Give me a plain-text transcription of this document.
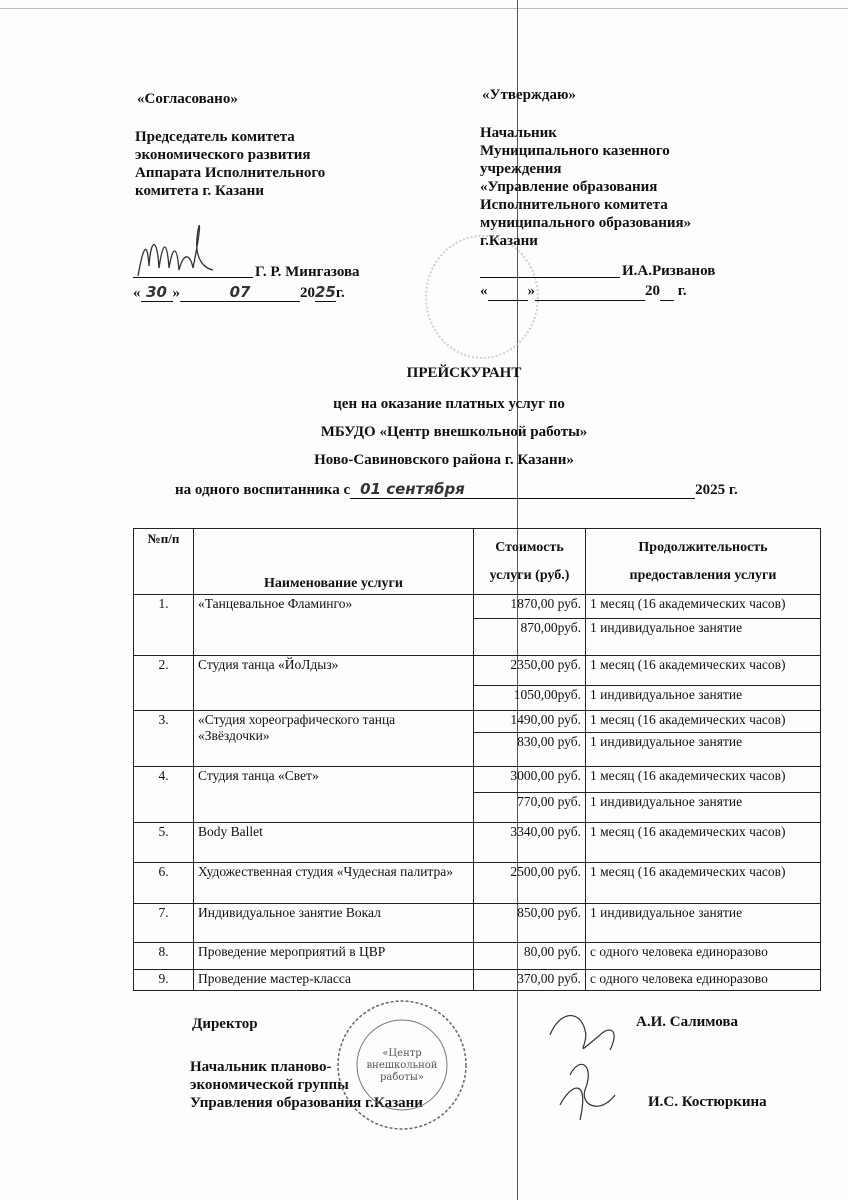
«Согласовано»
Председатель комитета
экономического развития
Аппарата Исполнительного
комитета г. Казани
Г. Р. Мингазова
« 30 »	07	2025г.
«Утверждаю»
Начальник
Муниципального казенного
учреждения
«Управление образования
Исполнительного комитета
муниципального образования»
г.Казани
И.А.Ризванов
«	»	20 г.
ПРЕЙСКУРАНТ
цен на оказание платных услуг по
МБУДО «Центр внешкольной работы»
Ново-Савиновского района г. Казани»
на одного воспитанника с 01 сентября	2025 г.
№п/п	Наименование услуги	Стоимость услуги (руб.)	Продолжительность предоставления услуги
1.	«Танцевальное Фламинго»	1870,00 руб.	1 месяц (16 академических часов)
		870,00руб.	1 индивидуальное занятие
2.	Студия танца «ЙоЛдыз»	2350,00 руб.	1 месяц (16 академических часов)
		1050,00руб.	1 индивидуальное занятие
3.	«Студия хореографического танца «Звёздочки»	1490,00 руб.	1 месяц (16 академических часов)
		830,00 руб.	1 индивидуальное занятие
4.	Студия танца «Свет»	3000,00 руб.	1 месяц (16 академических часов)
		770,00 руб.	1 индивидуальное занятие
5.	Body Ballet	3340,00 руб.	1 месяц (16 академических часов)
6.	Художественная студия «Чудесная палитра»	2500,00 руб.	1 месяц (16 академических часов)
7.	Индивидуальное занятие Вокал	850,00 руб.	1 индивидуальное занятие
8.	Проведение мероприятий в ЦВР	80,00 руб.	с одного человека единоразово
9.	Проведение мастер-класса	370,00 руб.	с одного человека единоразово
Директор	А.И. Салимова
Начальник планово-
экономической группы
Управления образования г.Казани	И.С. Костюркина
«Центр
внешкольной
работы»
